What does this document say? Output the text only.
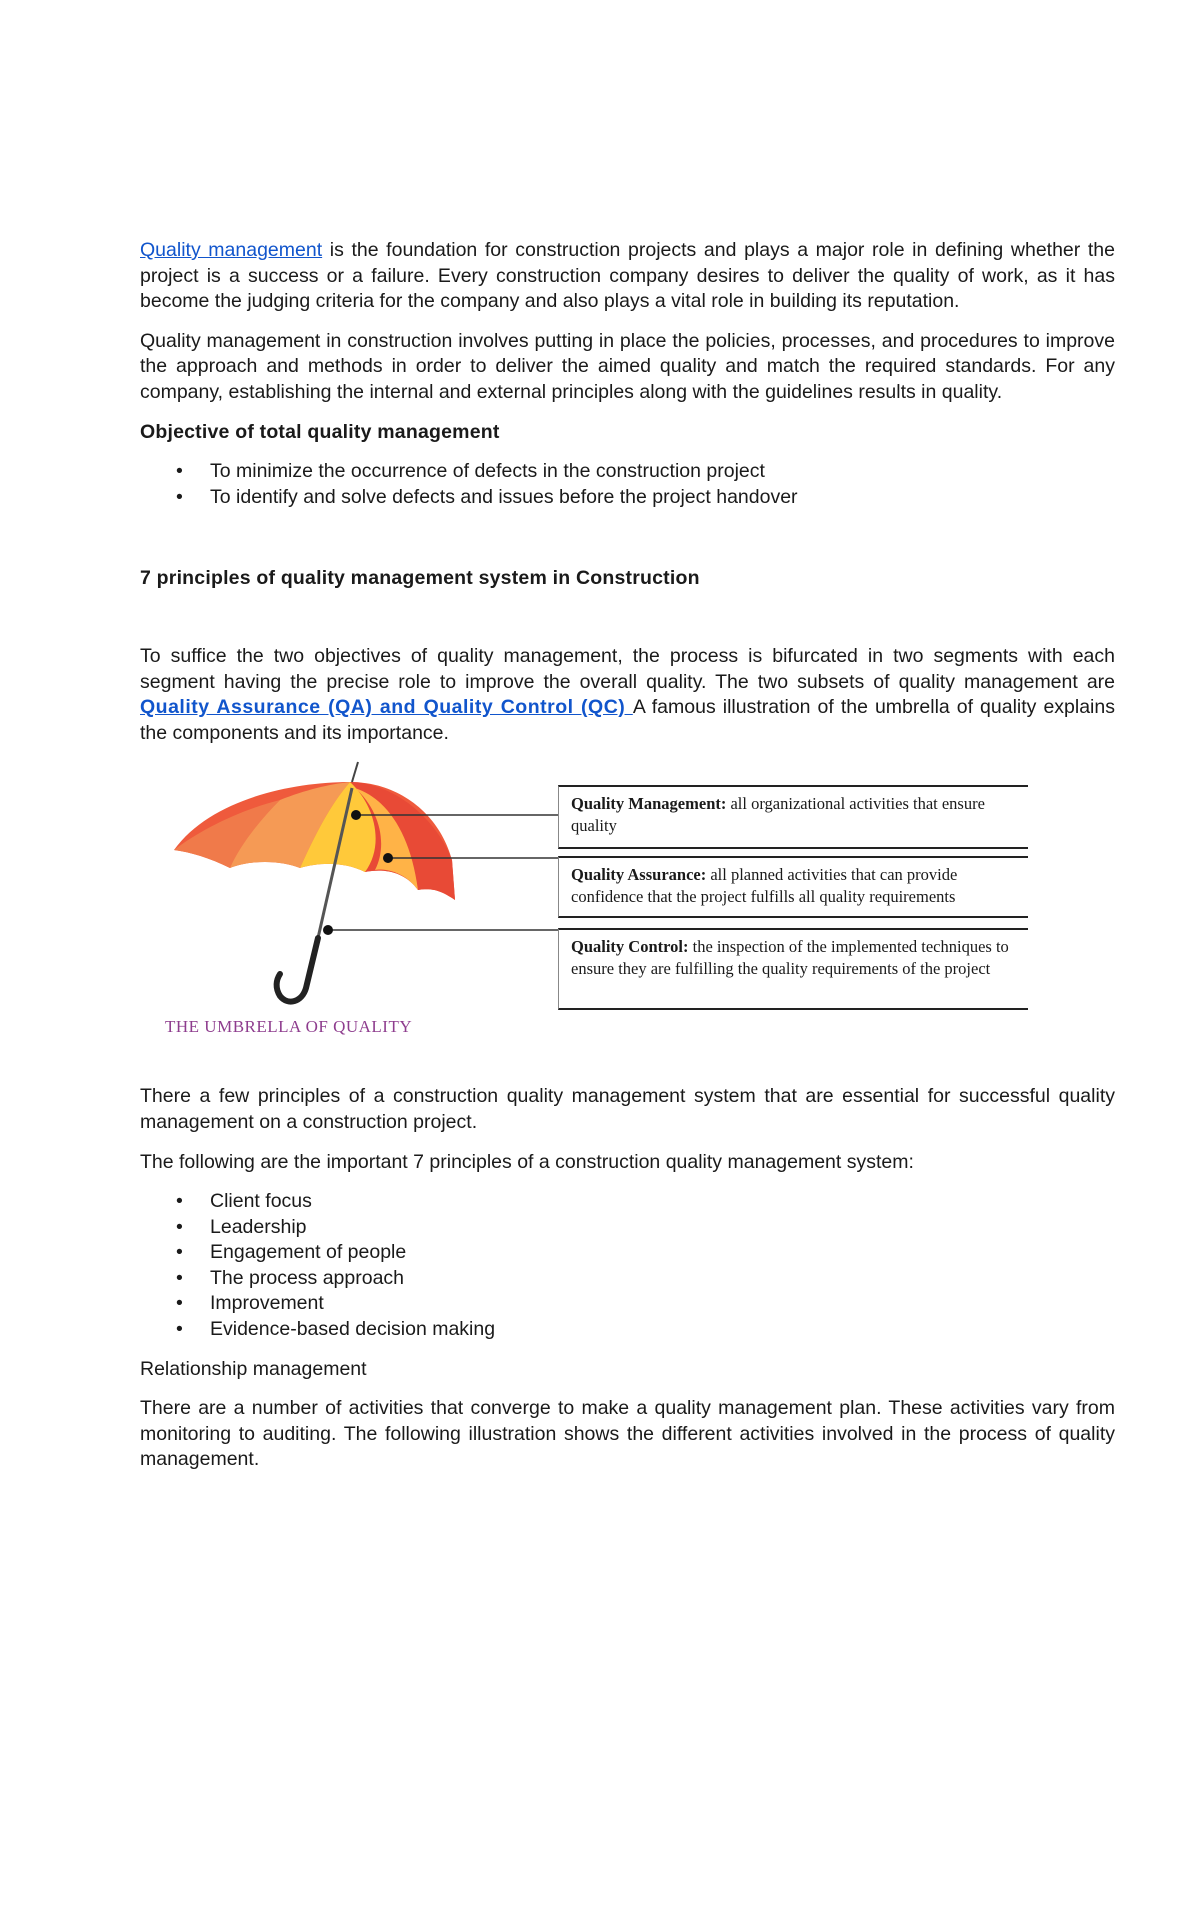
Quality management is the foundation for construction projects and plays a major role in defining whether the project is a success or a failure. Every construction company desires to deliver the quality of work, as it has become the judging criteria for the company and also plays a vital role in building its reputation.

Quality management in construction involves putting in place the policies, processes, and procedures to improve the approach and methods in order to deliver the aimed quality and match the required standards. For any company, establishing the internal and external principles along with the guidelines results in quality.

Objective of total quality management
• To minimize the occurrence of defects in the construction project
• To identify and solve defects and issues before the project handover
7 principles of quality management system in Construction

To suffice the two objectives of quality management, the process is bifurcated in two segments with each segment having the precise role to improve the overall quality. The two subsets of quality management are Quality Assurance (QA) and Quality Control (QC) A famous illustration of the umbrella of quality explains the components and its importance.

Quality Management: all organizational activities that ensure quality
Quality Assurance: all planned activities that can provide confidence that the project fulfills all quality requirements
Quality Control: the inspection of the implemented techniques to ensure they are fulfilling the quality requirements of the project
THE UMBRELLA OF QUALITY

There a few principles of a construction quality management system that are essential for successful quality management on a construction project.

The following are the important 7 principles of a construction quality management system:

• Client focus
• Leadership
• Engagement of people
• The process approach
• Improvement
• Evidence-based decision making

Relationship management

There are a number of activities that converge to make a quality management plan. These activities vary from monitoring to auditing. The following illustration shows the different activities involved in the process of quality management.
